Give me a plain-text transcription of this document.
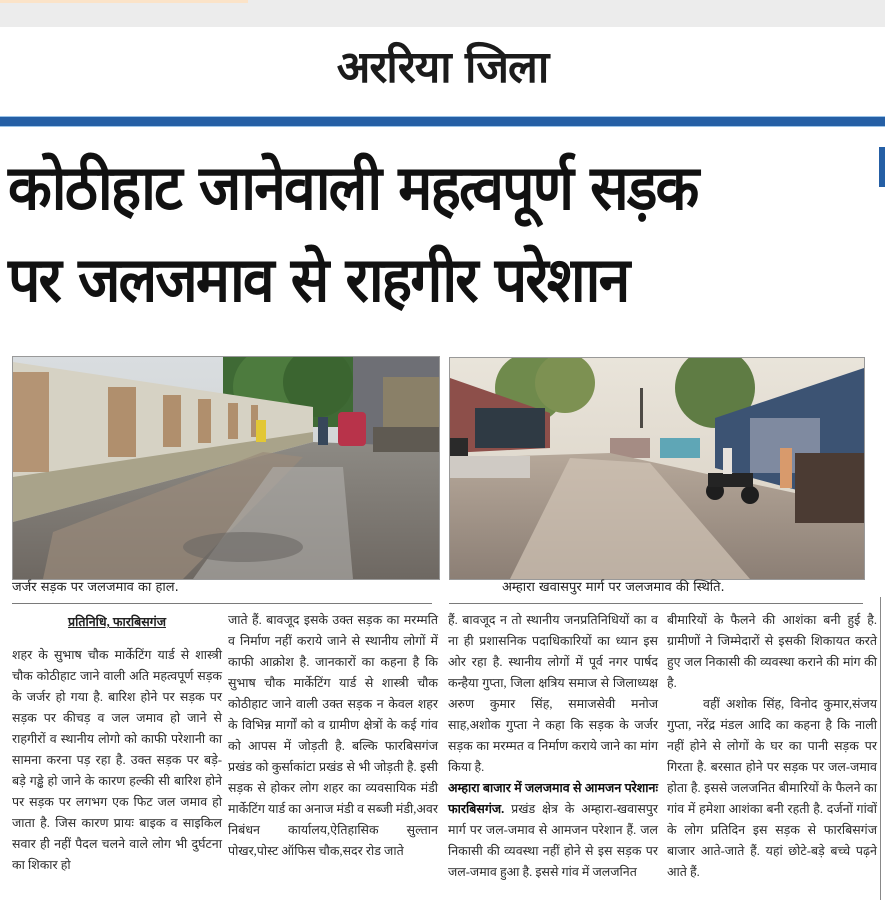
अररिया जिला
कोठीहाट जानेवाली महत्वपूर्ण सड़क
पर जलजमाव से राहगीर परेशान
जर्जर सड़क पर जलजमाव का हाल.	अम्हारा खवासपुर मार्ग पर जलजमाव की स्थिति.
प्रतिनिधि, फारबिसगंज

शहर के सुभाष चौक मार्केटिंग यार्ड से शास्त्री चौक कोठीहाट जाने वाली अति महत्वपूर्ण सड़क के जर्जर हो गया है. बारिश होने पर सड़क पर सड़क पर कीचड़ व जल जमाव हो जाने से राहगीरों व स्थानीय लोगो को काफी परेशानी का सामना करना पड़ रहा है. उक्त सड़क पर बड़े- बड़े गड्ढे हो जाने के कारण हल्की सी बारिश होने पर सड़क पर लगभग एक फिट जल जमाव हो जाता है. जिस कारण प्रायः बाइक व साइकिल सवार ही नहीं पैदल चलने वाले लोग भी दुर्घटना का शिकार हो

जाते हैं. बावजूद इसके उक्त सड़क का मरम्मति व निर्माण नहीं कराये जाने से स्थानीय लोगों में काफी आक्रोश है. जानकारों का कहना है कि सुभाष चौक मार्केटिंग यार्ड से शास्त्री चौक कोठीहाट जाने वाली उक्त सड़क न केवल शहर के विभिन्न मार्गों को व ग्रामीण क्षेत्रों के कई गांव को आपस में जोड़ती है. बल्कि फारबिसगंज प्रखंड को कुर्साकांटा प्रखंड से भी जोड़ती है. इसी सड़क से होकर लोग शहर का व्यवसायिक मंडी मार्केटिंग यार्ड का अनाज मंडी व सब्जी मंडी,अवर निबंधन कार्यालय,ऐतिहासिक सुल्तान पोखर,पोस्ट ऑफिस चौक,सदर रोड जाते

हैं. बावजूद न तो स्थानीय जनप्रतिनिधियों का व ना ही प्रशासनिक पदाधिकारियों का ध्यान इस ओर रहा है. स्थानीय लोगों में पूर्व नगर पार्षद कन्हैया गुप्ता, जिला क्षत्रिय समाज से जिलाध्यक्ष अरुण कुमार सिंह, समाजसेवी मनोज साह,अशोक गुप्ता ने कहा कि सड़क के जर्जर सड़क का मरम्मत व निर्माण कराये जाने का मांग किया है.

अम्हारा बाजार में जलजमाव से आमजन परेशानः फारबिसगंज. प्रखंड क्षेत्र के अम्हारा-खवासपुर मार्ग पर जल-जमाव से आमजन परेशान हैं. जल निकासी की व्यवस्था नहीं होने से इस सड़क पर जल-जमाव हुआ है. इससे गांव में जलजनित

बीमारियों के फैलने की आशंका बनी हुई है. ग्रामीणों ने जिम्मेदारों से इसकी शिकायत करते हुए जल निकासी की व्यवस्था कराने की मांग की है.

वहीं अशोक सिंह, विनोद कुमार,संजय गुप्ता, नरेंद्र मंडल आदि का कहना है कि नाली नहीं होने से लोगों के घर का पानी सड़क पर गिरता है. बरसात होने पर सड़क पर जल-जमाव होता है. इससे जलजनित बीमारियों के फैलने का गांव में हमेशा आशंका बनी रहती है. दर्जनों गांवों के लोग प्रतिदिन इस सड़क से फारबिसगंज बाजार आते-जाते हैं. यहां छोटे-बड़े बच्चे पढ़ने आते हैं.
